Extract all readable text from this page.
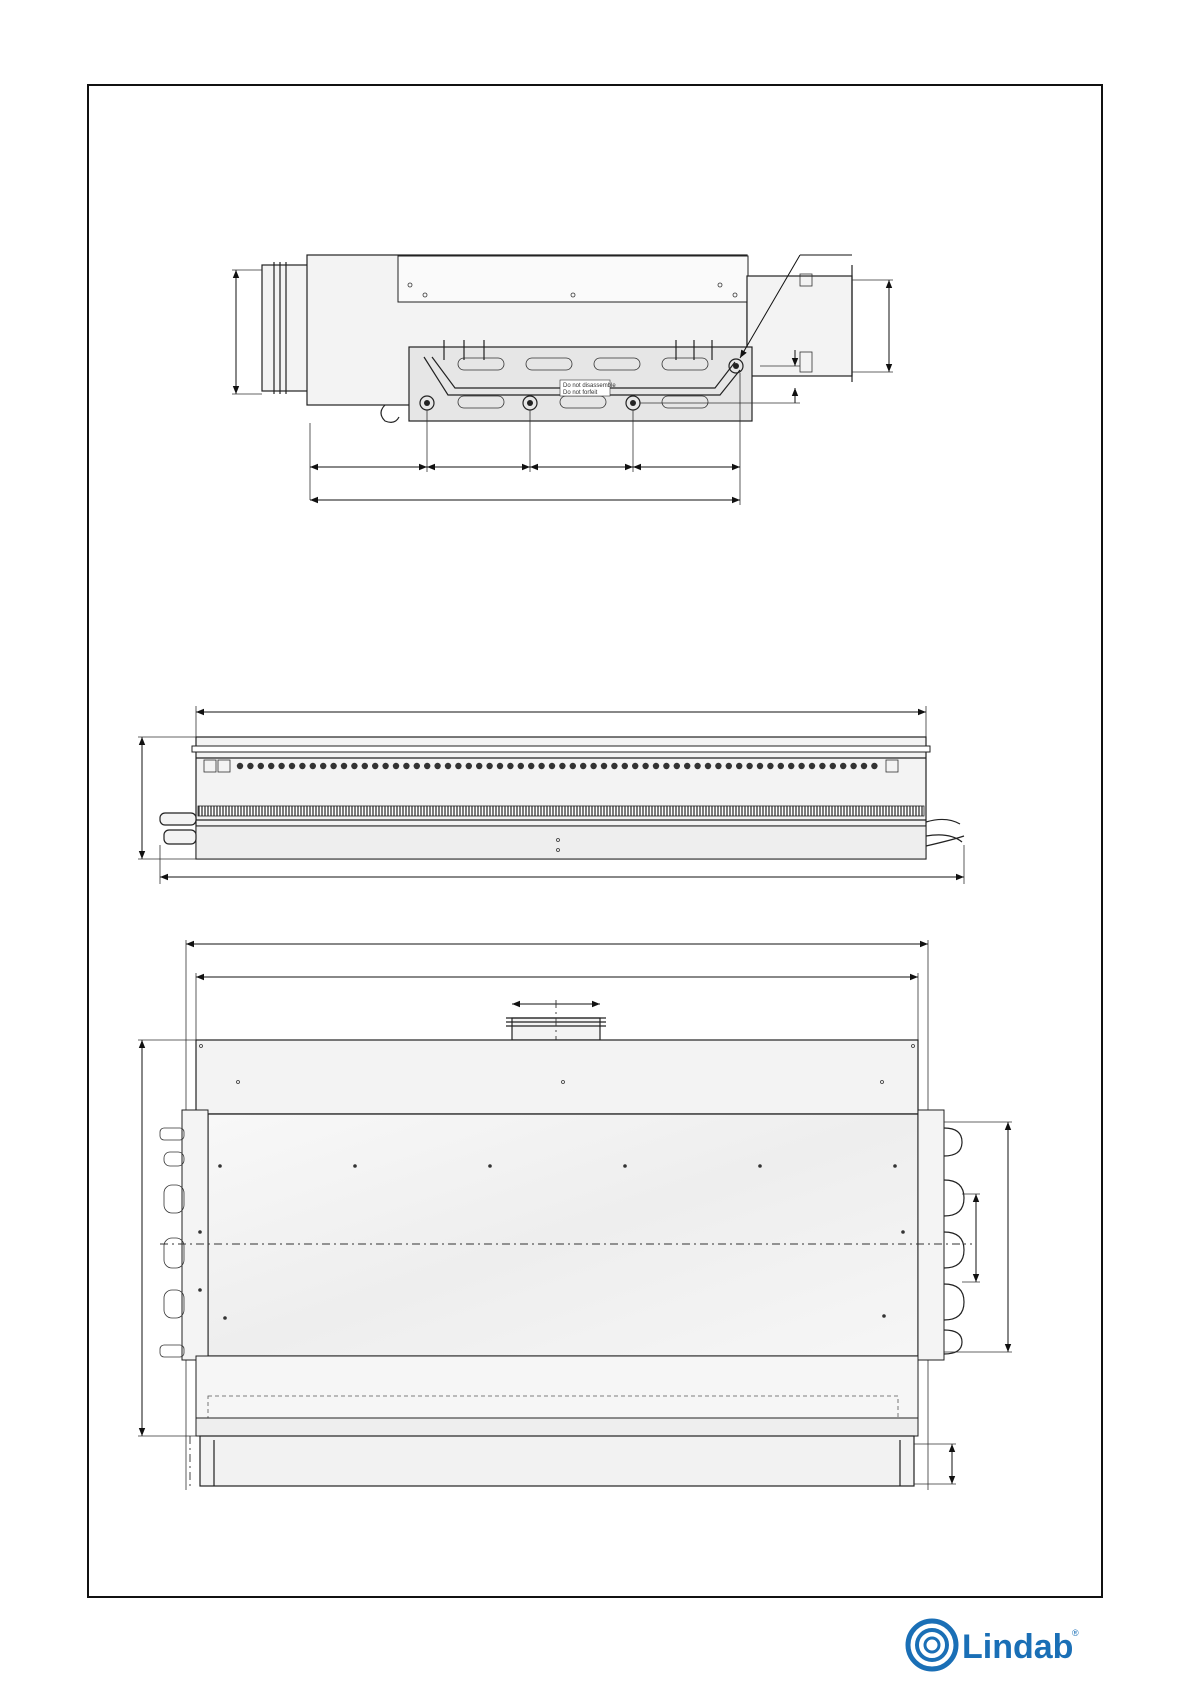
Do not disassemble
Do not forfeit
Lindab
®
